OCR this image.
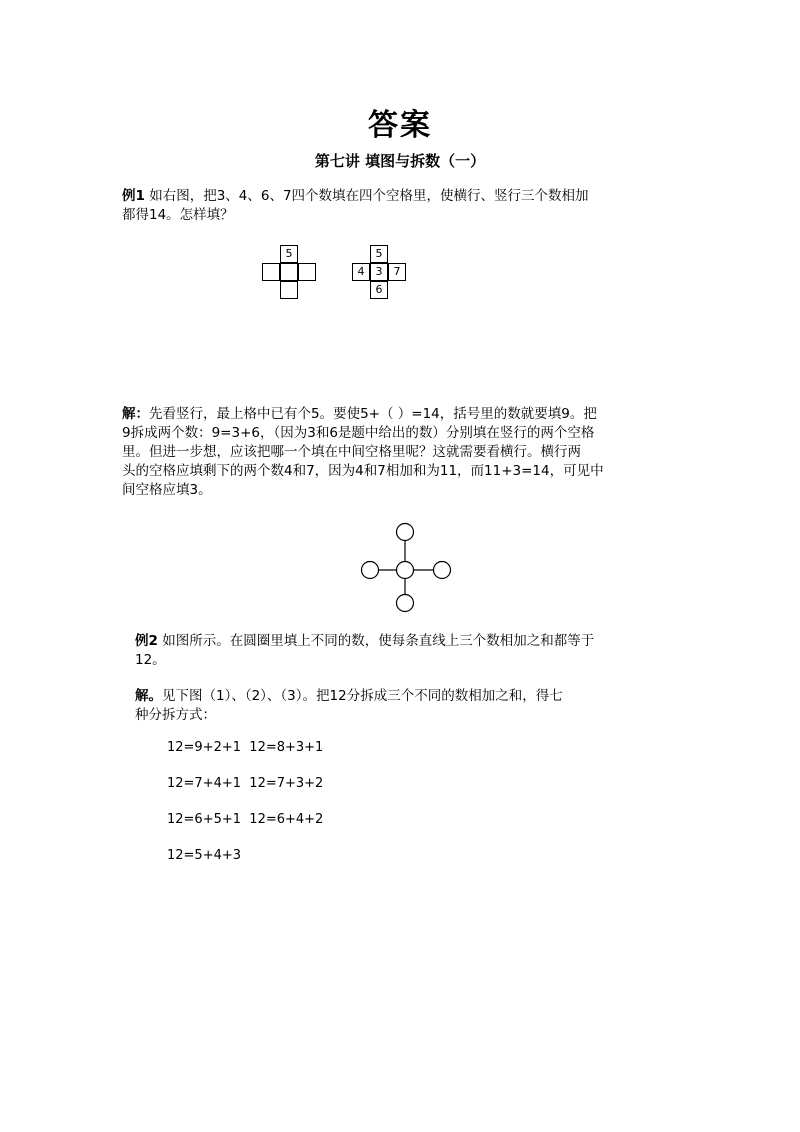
答案
第七讲 填图与拆数（一）
例1 如右图，把3、4、6、7四个数填在四个空格里，使横行、竖行三个数相加
都得14。怎样填？
5	5
4	3	7
6
解：先看竖行，最上格中已有个5。要使5+（ ）=14，括号里的数就要填9。把
9拆成两个数：9=3+6，（因为3和6是题中给出的数）分别填在竖行的两个空格
里。但进一步想，应该把哪一个填在中间空格里呢？这就需要看横行。横行两
头的空格应填剩下的两个数4和7，因为4和7相加和为11，而11+3=14，可见中
间空格应填3。
例2 如图所示。在圆圈里填上不同的数，使每条直线上三个数相加之和都等于
12。
解。见下图（1）、（2）、（3）。把12分拆成三个不同的数相加之和，得七
种分拆方式：
12=9+2+1  12=8+3+1
12=7+4+1  12=7+3+2
12=6+5+1  12=6+4+2
12=5+4+3
